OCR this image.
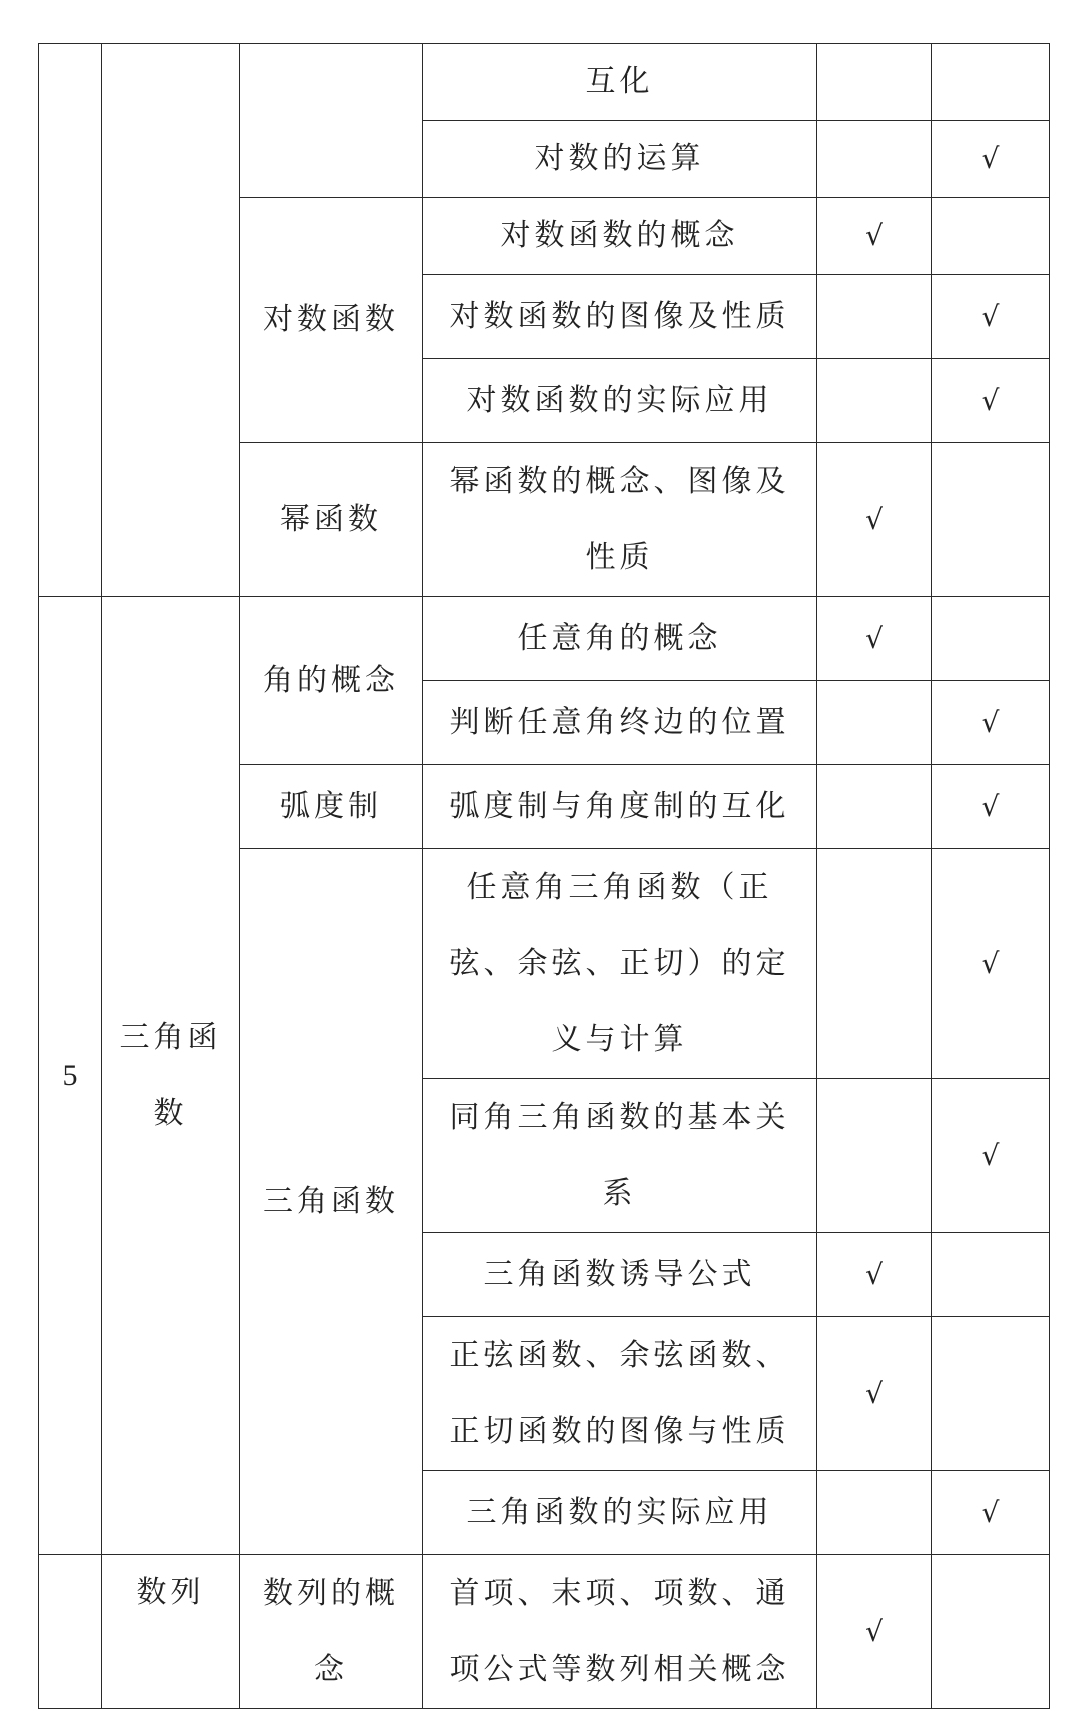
			互化		
			对数的运算		√
		对数函数	对数函数的概念	√	
			对数函数的图像及性质		√
			对数函数的实际应用		√
		幂函数	幂函数的概念、图像及性质	√	
5	三角函数	角的概念	任意角的概念	√	
			判断任意角终边的位置		√
		弧度制	弧度制与角度制的互化		√
		三角函数	任意角三角函数（正弦、余弦、正切）的定义与计算		√
			同角三角函数的基本关系		√
			三角函数诱导公式	√	
			正弦函数、余弦函数、正切函数的图像与性质	√	
			三角函数的实际应用		√
	数列	数列的概念	首项、末项、项数、通项公式等数列相关概念	√	
